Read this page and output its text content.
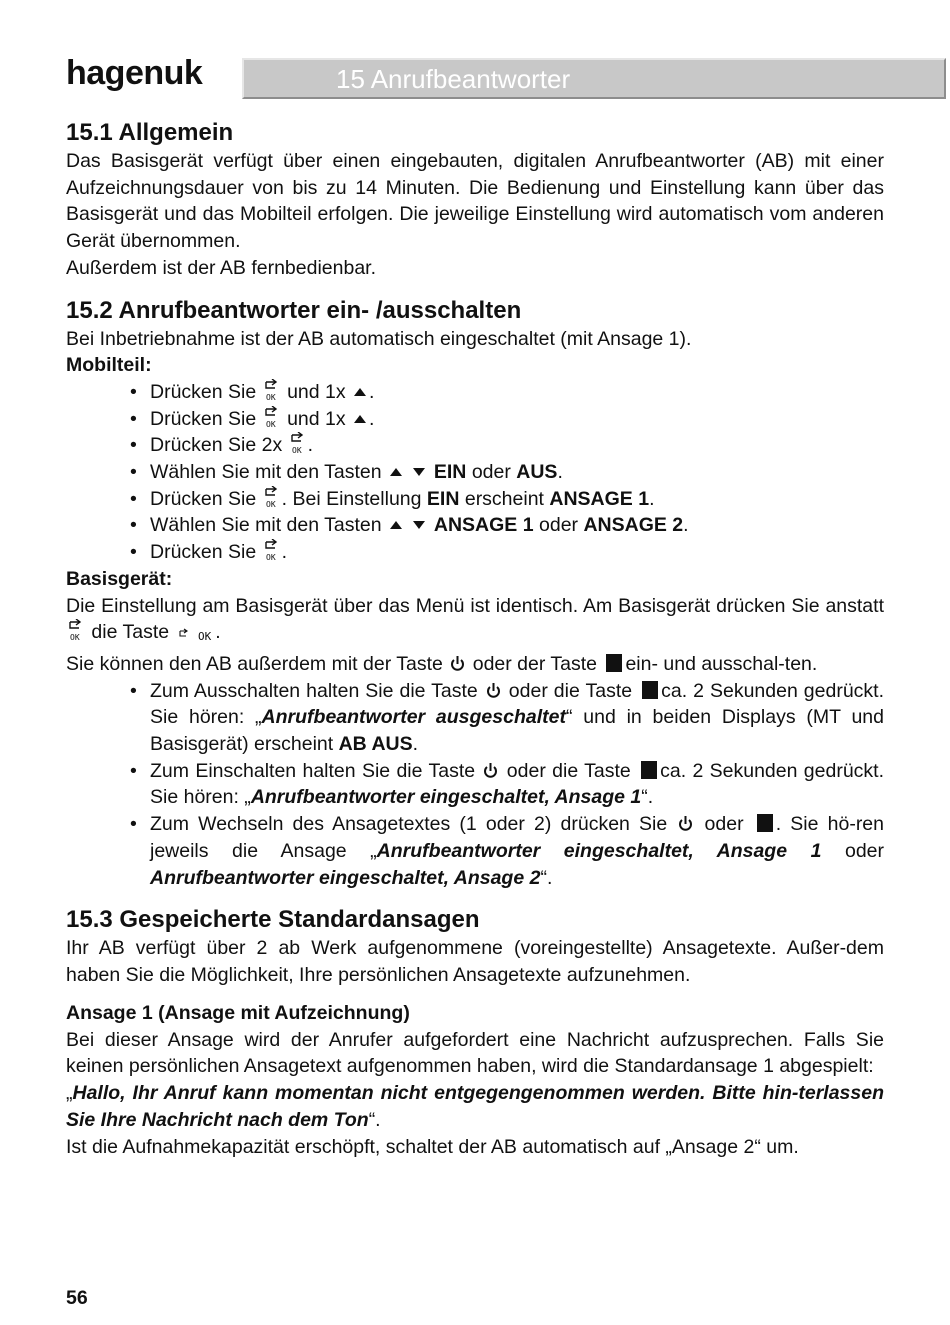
hagenuk	15 Anrufbeantworter
15.1 Allgemein

Das Basisgerät verfügt über einen eingebauten, digitalen Anrufbeantworter (AB) mit einer Aufzeichnungsdauer von bis zu 14 Minuten. Die Bedienung und Einstellung kann über das Basisgerät und das Mobilteil erfolgen. Die jeweilige Einstellung wird automatisch vom anderen Gerät übernommen.

Außerdem ist der AB fernbedienbar.

15.2 Anrufbeantworter ein- /ausschalten

Bei Inbetriebnahme ist der AB automatisch eingeschaltet (mit Ansage 1).

Mobilteil:
• Drücken Sie OK und 1x .
• Drücken Sie OK und 1x .
• Drücken Sie 2x OK .
• Wählen Sie mit den Tasten	EIN oder AUS.
• Drücken Sie OK . Bei Einstellung EIN erscheint ANSAGE 1.
• Wählen Sie mit den Tasten	ANSAGE 1 oder ANSAGE 2.
• Drücken Sie OK .
Basisgerät:

Die Einstellung am Basisgerät über das Menü ist identisch. Am Basisgerät drücken Sie anstatt
OK die Taste	OK .

Sie können den AB außerdem mit der Taste oder der Taste ein- und ausschal-ten.

• Zum Ausschalten halten Sie die Taste oder die Taste ca. 2 Sekunden gedrückt. Sie hören: „Anrufbeantworter ausgeschaltet“ und in beiden Displays (MT und Basisgerät) erscheint AB AUS.
• Zum Einschalten halten Sie die Taste oder die Taste ca. 2 Sekunden gedrückt. Sie hören: „Anrufbeantworter eingeschaltet, Ansage 1“.
• Zum Wechseln des Ansagetextes (1 oder 2) drücken Sie oder . Sie hö-ren jeweils die Ansage „Anrufbeantworter eingeschaltet, Ansage 1 oder Anrufbeantworter eingeschaltet, Ansage 2“.
15.3 Gespeicherte Standardansagen

Ihr AB verfügt über 2 ab Werk aufgenommene (voreingestellte) Ansagetexte. Außer-dem haben Sie die Möglichkeit, Ihre persönlichen Ansagetexte aufzunehmen.

Ansage 1 (Ansage mit Aufzeichnung)

Bei dieser Ansage wird der Anrufer aufgefordert eine Nachricht aufzusprechen. Falls Sie keinen persönlichen Ansagetext aufgenommen haben, wird die Standardansage 1 abgespielt:

„Hallo, Ihr Anruf kann momentan nicht entgegengenommen werden. Bitte hin-terlassen Sie Ihre Nachricht nach dem Ton“.

Ist die Aufnahmekapazität erschöpft, schaltet der AB automatisch auf „Ansage 2“ um.

56
